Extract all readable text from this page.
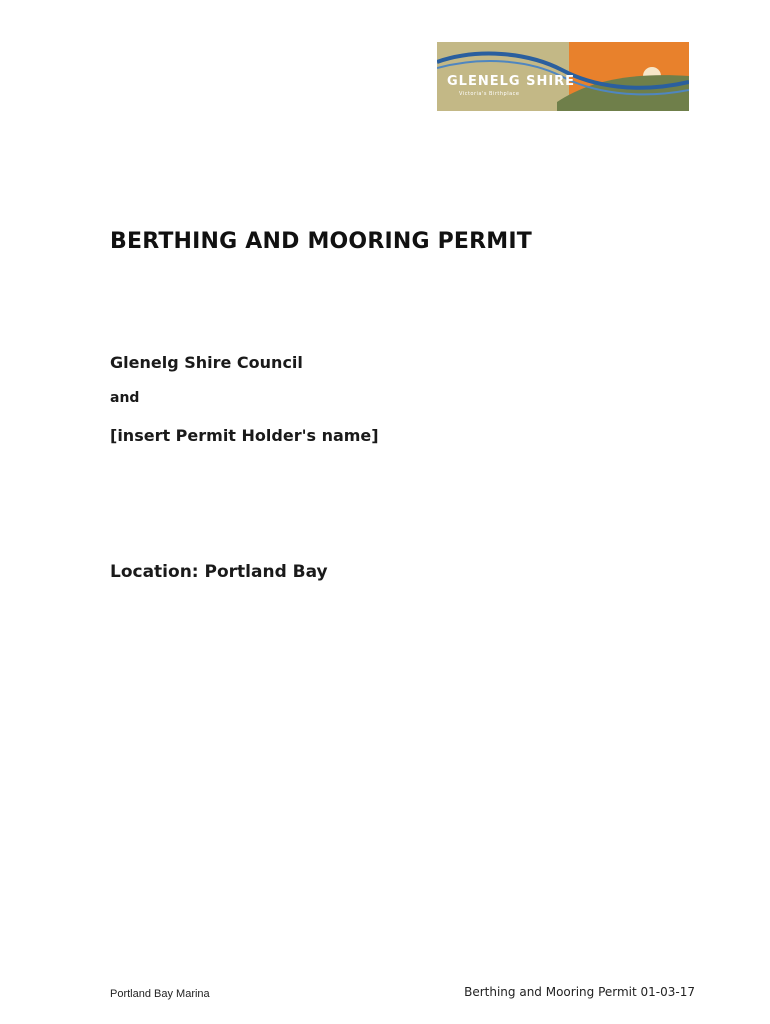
GLENELG SHIRE
Victoria's Birthplace
BERTHING AND MOORING PERMIT

Glenelg Shire Council

and

[insert Permit Holder's name]

Location: Portland Bay

Portland Bay Marina	Berthing and Mooring Permit 01-03-17
